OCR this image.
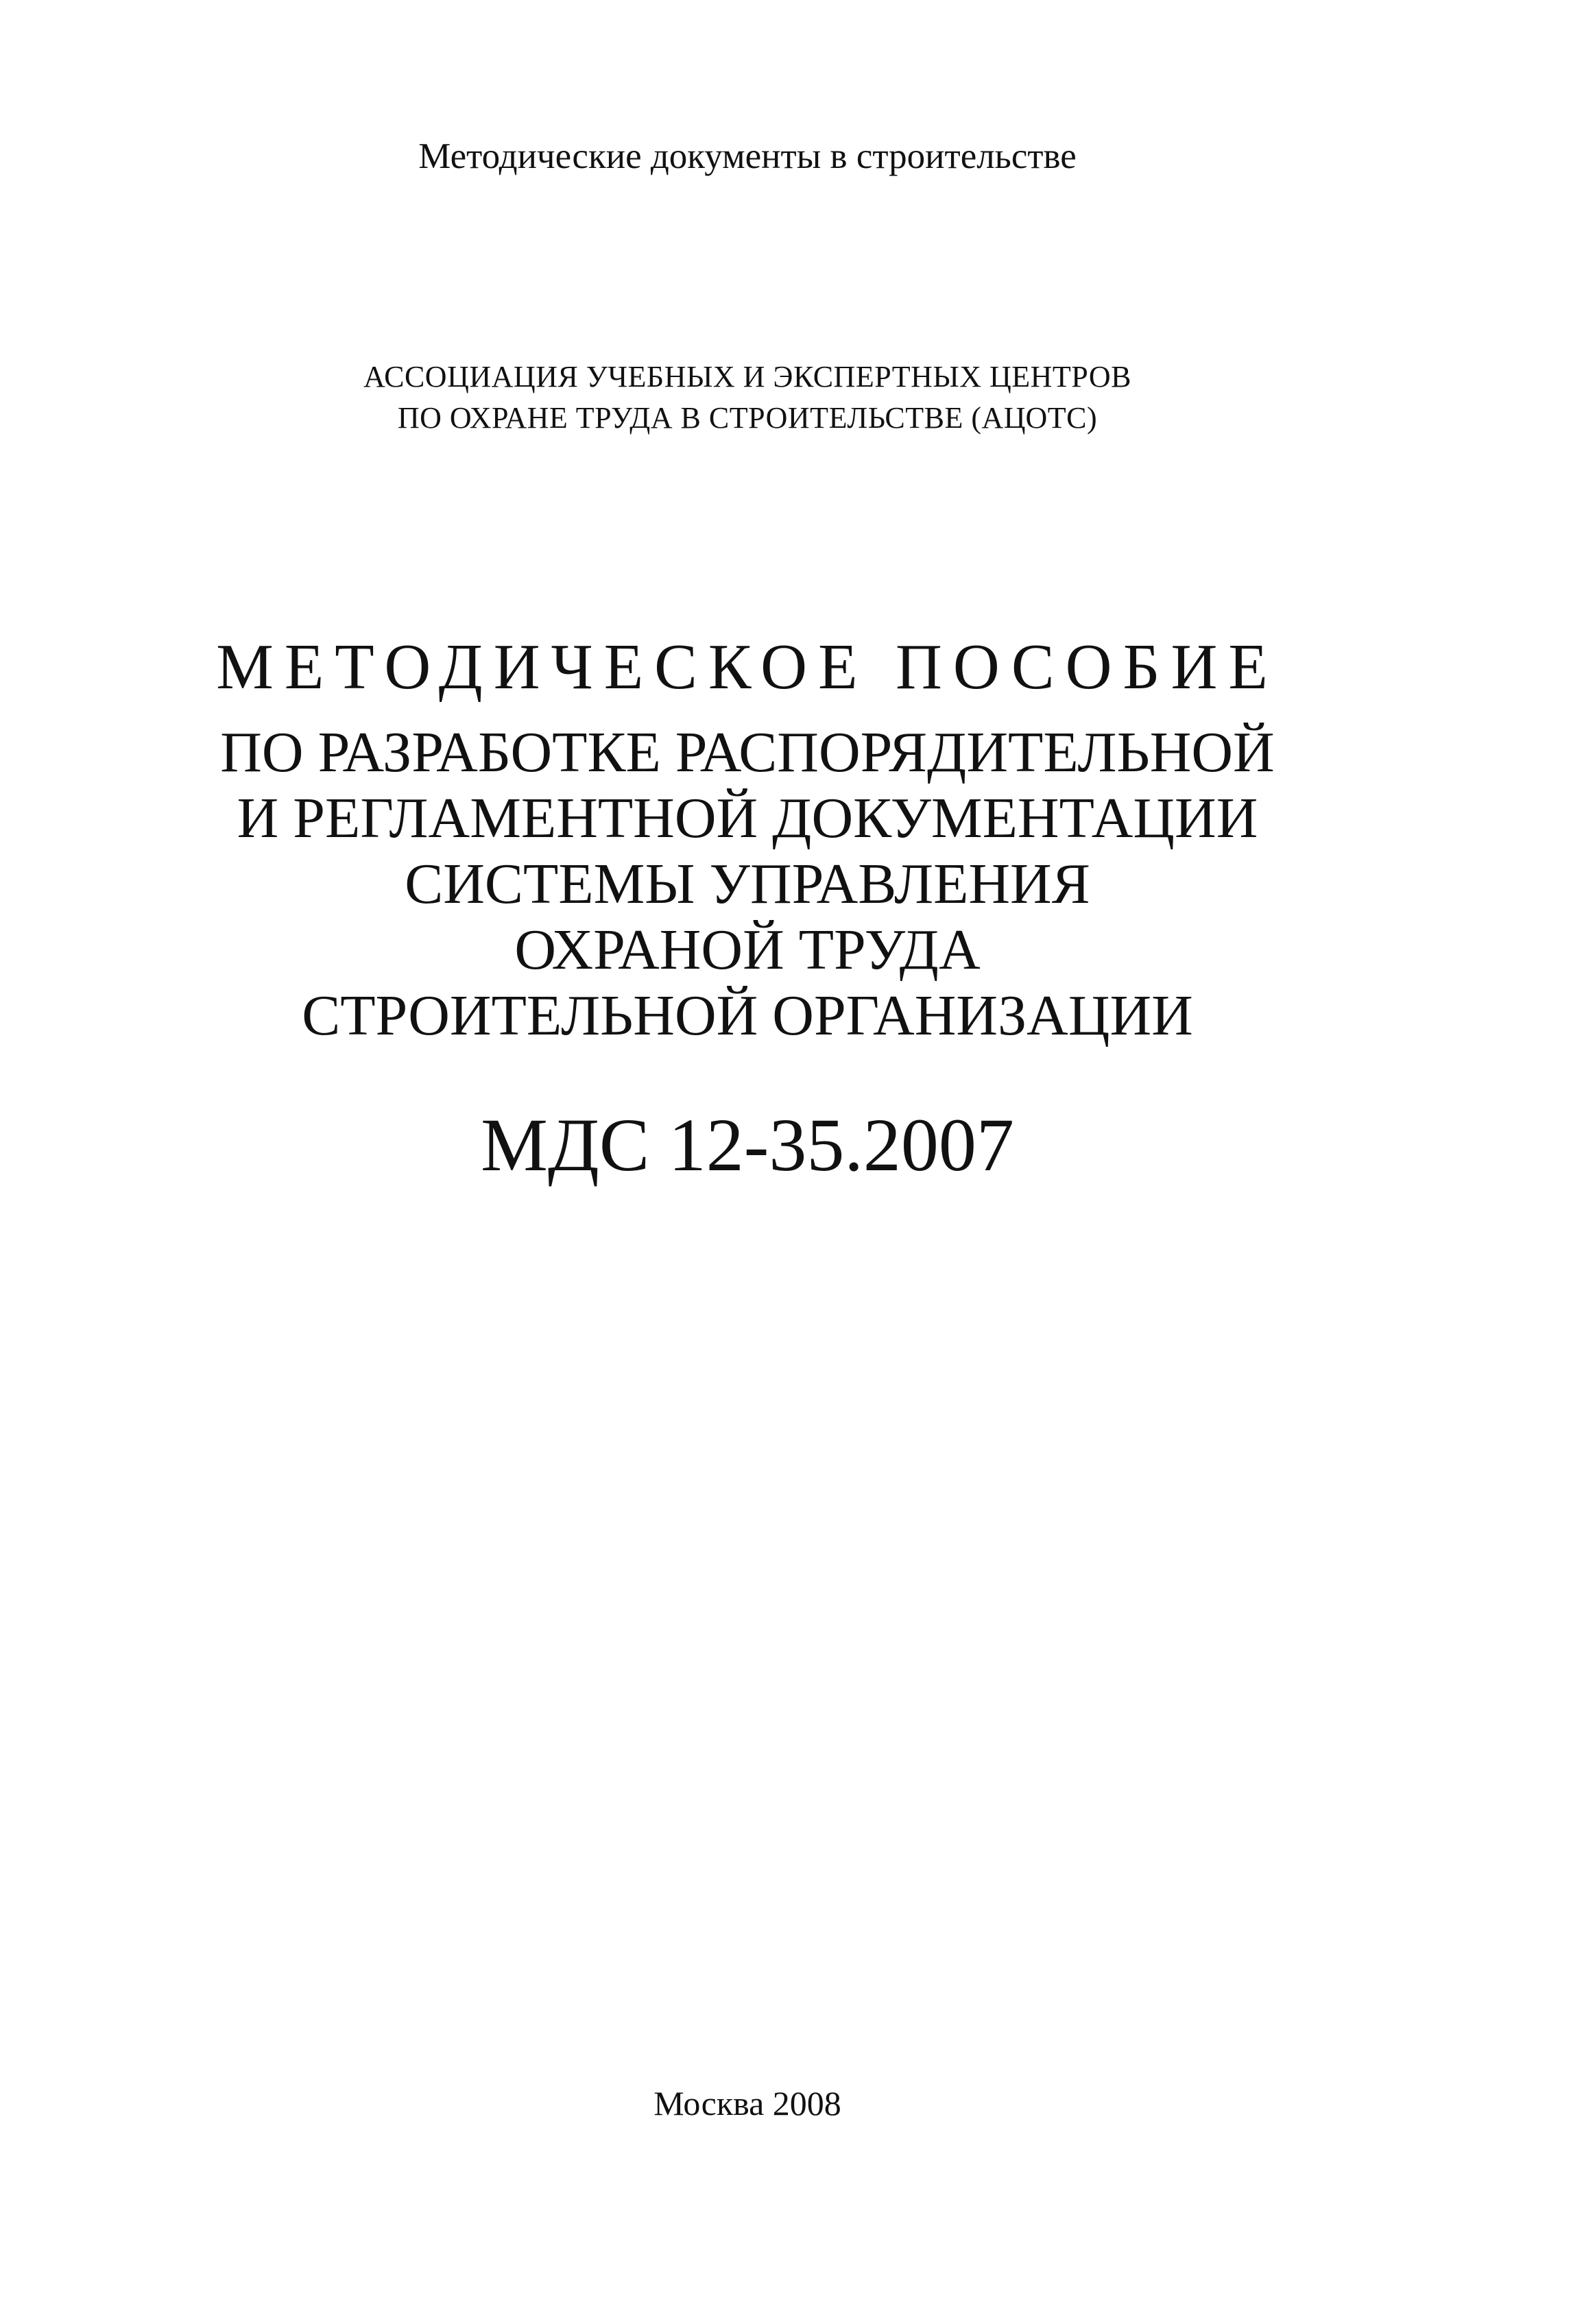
Методические документы в строительстве
АССОЦИАЦИЯ УЧЕБНЫХ И ЭКСПЕРТНЫХ ЦЕНТРОВ
ПО ОХРАНЕ ТРУДА В СТРОИТЕЛЬСТВЕ (АЦОТС)
МЕТОДИЧЕСКОЕ ПОСОБИЕ
ПО РАЗРАБОТКЕ РАСПОРЯДИТЕЛЬНОЙ
И РЕГЛАМЕНТНОЙ ДОКУМЕНТАЦИИ
СИСТЕМЫ УПРАВЛЕНИЯ
ОХРАНОЙ ТРУДА
СТРОИТЕЛЬНОЙ ОРГАНИЗАЦИИ
МДС 12-35.2007
Москва 2008
